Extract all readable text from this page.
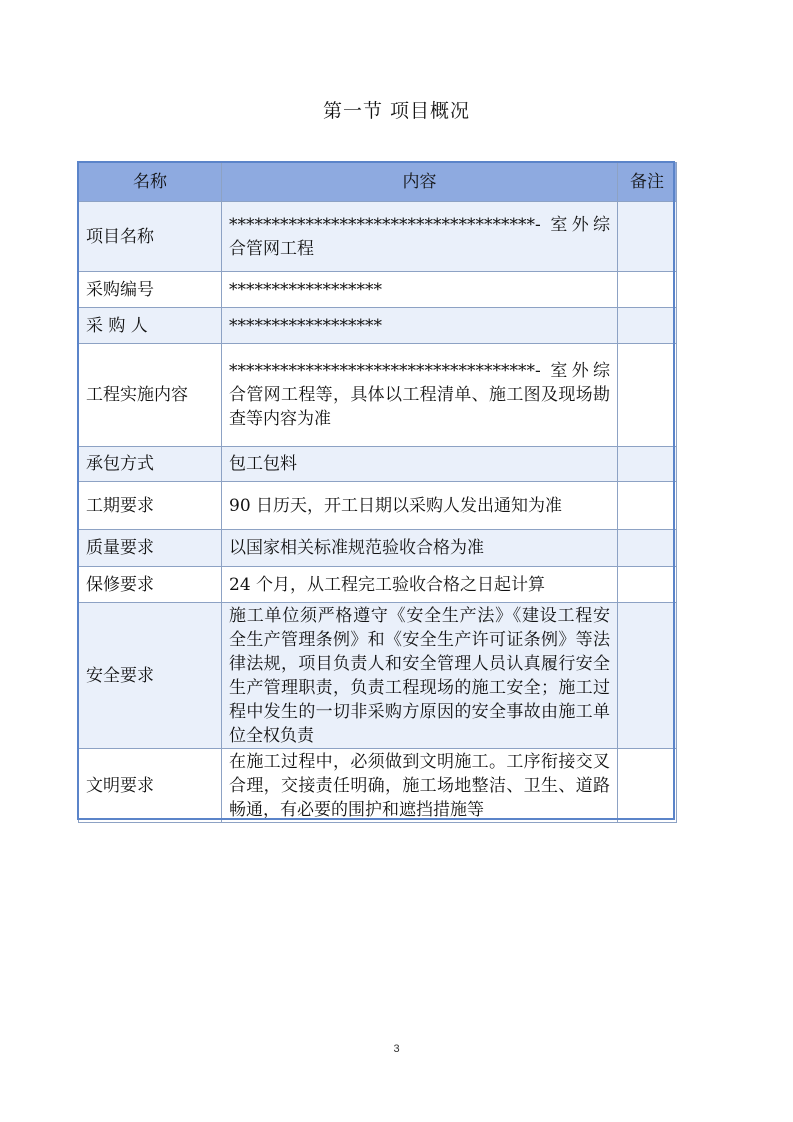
第一节 项目概况
名称	内容	备注
项目名称	************************************- 室外综合管网工程	
采购编号	******************	
采 购 人	******************	
工程实施内容	************************************- 室外综合管网工程等，具体以工程清单、施工图及现场勘查等内容为准	
承包方式	包工包料	
工期要求	90 日历天，开工日期以采购人发出通知为准	
质量要求	以国家相关标准规范验收合格为准	
保修要求	24 个月，从工程完工验收合格之日起计算	
安全要求	施工单位须严格遵守《安全生产法》《建设工程安全生产管理条例》和《安全生产许可证条例》等法律法规，项目负责人和安全管理人员认真履行安全生产管理职责，负责工程现场的施工安全；施工过程中发生的一切非采购方原因的安全事故由施工单位全权负责	
文明要求	在施工过程中，必须做到文明施工。工序衔接交叉合理，交接责任明确，施工场地整洁、卫生、道路畅通，有必要的围护和遮挡措施等	
3
